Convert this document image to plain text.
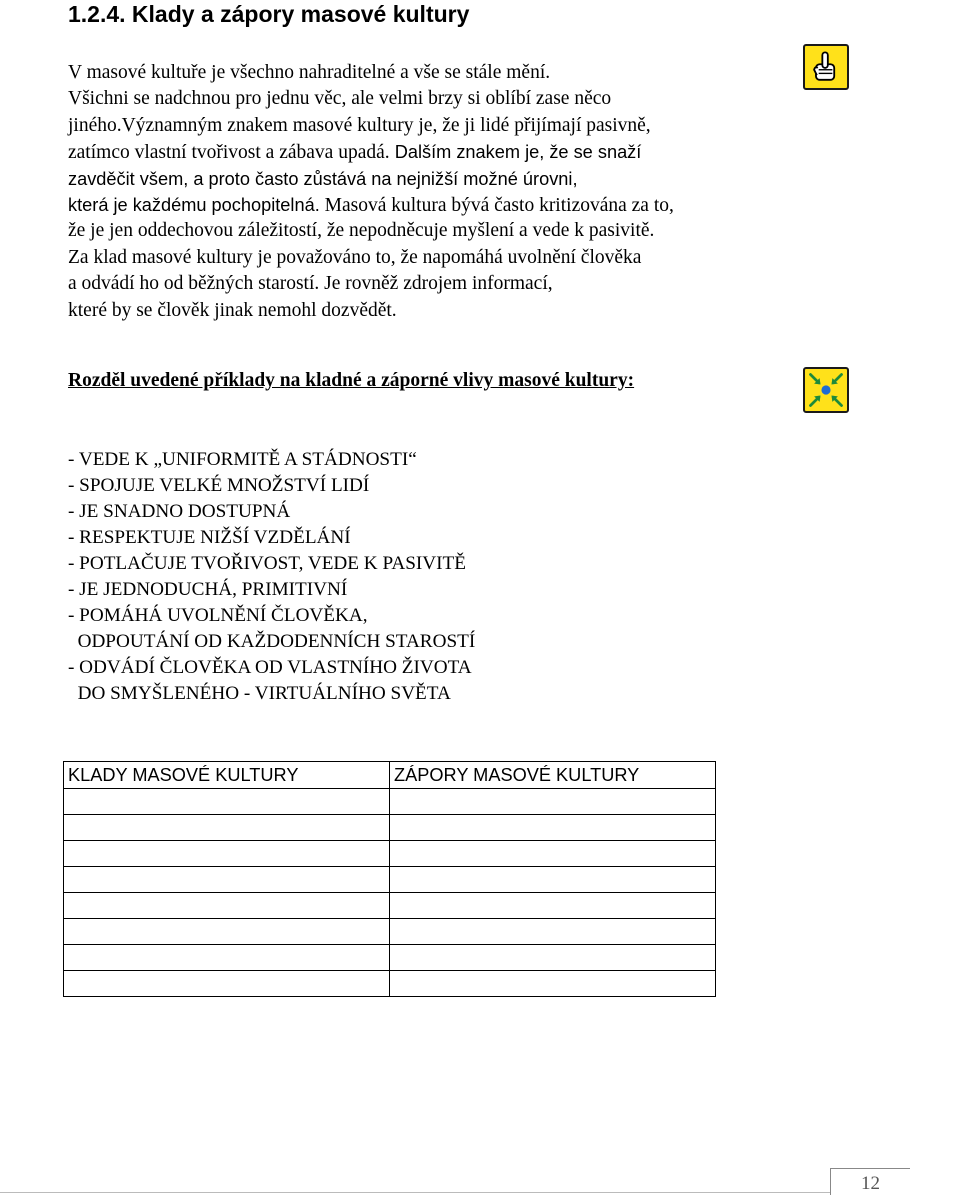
1.2.4. Klady a zápory masové kultury
V masové kultuře je všechno nahraditelné a vše se stále mění.
Všichni se nadchnou pro jednu věc, ale velmi brzy si oblíbí zase něco
jiného.Významným znakem masové kultury je, že ji lidé přijímají pasivně,
zatímco vlastní tvořivost a zábava upadá. Dalším znakem je, že se snaží
zavděčit všem, a proto často zůstává na nejnižší možné úrovni,
která je každému pochopitelná. Masová kultura bývá často kritizována za to,
že je jen oddechovou záležitostí, že nepodněcuje myšlení a vede k pasivitě.
Za klad masové kultury je považováno to, že napomáhá uvolnění člověka
a odvádí ho od běžných starostí. Je rovněž zdrojem informací,
které by se člověk jinak nemohl dozvědět.
Rozděl uvedené příklady na kladné a záporné vlivy masové kultury:
- VEDE K „UNIFORMITĚ A STÁDNOSTI“
- SPOJUJE VELKÉ MNOŽSTVÍ LIDÍ
- JE SNADNO DOSTUPNÁ
- RESPEKTUJE NIŽŠÍ VZDĚLÁNÍ
- POTLAČUJE TVOŘIVOST, VEDE K PASIVITĚ
- JE JEDNODUCHÁ, PRIMITIVNÍ
- POMÁHÁ UVOLNĚNÍ ČLOVĚKA,
ODPOUTÁNÍ OD KAŽDODENNÍCH STAROSTÍ
- ODVÁDÍ ČLOVĚKA OD VLASTNÍHO ŽIVOTA
DO SMYŠLENÉHO - VIRTUÁLNÍHO SVĚTA
KLADY MASOVÉ KULTURY	ZÁPORY MASOVÉ KULTURY

12
